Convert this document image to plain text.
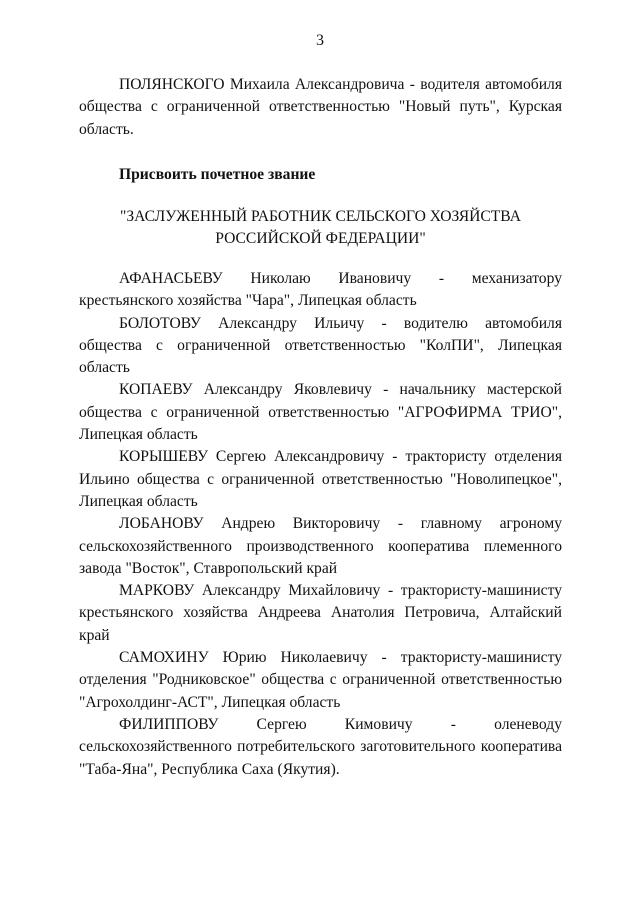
3

ПОЛЯНСКОГО Михаила Александровича - водителя автомобиля общества с ограниченной ответственностью "Новый путь", Курская область.

Присвоить почетное звание
"ЗАСЛУЖЕННЫЙ РАБОТНИК СЕЛЬСКОГО ХОЗЯЙСТВА
РОССИЙСКОЙ ФЕДЕРАЦИИ"

АФАНАСЬЕВУ Николаю Ивановичу - механизатору крестьянского хозяйства "Чара", Липецкая область

БОЛОТОВУ Александру Ильичу - водителю автомобиля общества с ограниченной ответственностью "КолПИ", Липецкая область

КОПАЕВУ Александру Яковлевичу - начальнику мастерской общества с ограниченной ответственностью "АГРОФИРМА ТРИО", Липецкая область

КОРЫШЕВУ Сергею Александровичу - трактористу отделения Ильино общества с ограниченной ответственностью "Новолипецкое", Липецкая область

ЛОБАНОВУ Андрею Викторовичу - главному агроному сельскохозяйственного производственного кооператива племенного завода "Восток", Ставропольский край

МАРКОВУ Александру Михайловичу - трактористу-машинисту крестьянского хозяйства Андреева Анатолия Петровича, Алтайский край

САМОХИНУ Юрию Николаевичу - трактористу-машинисту отделения "Родниковское" общества с ограниченной ответственностью "Агрохолдинг-АСТ", Липецкая область

ФИЛИППОВУ Сергею Кимовичу - оленеводу сельскохозяйственного потребительского заготовительного кооператива "Таба-Яна", Республика Саха (Якутия).
